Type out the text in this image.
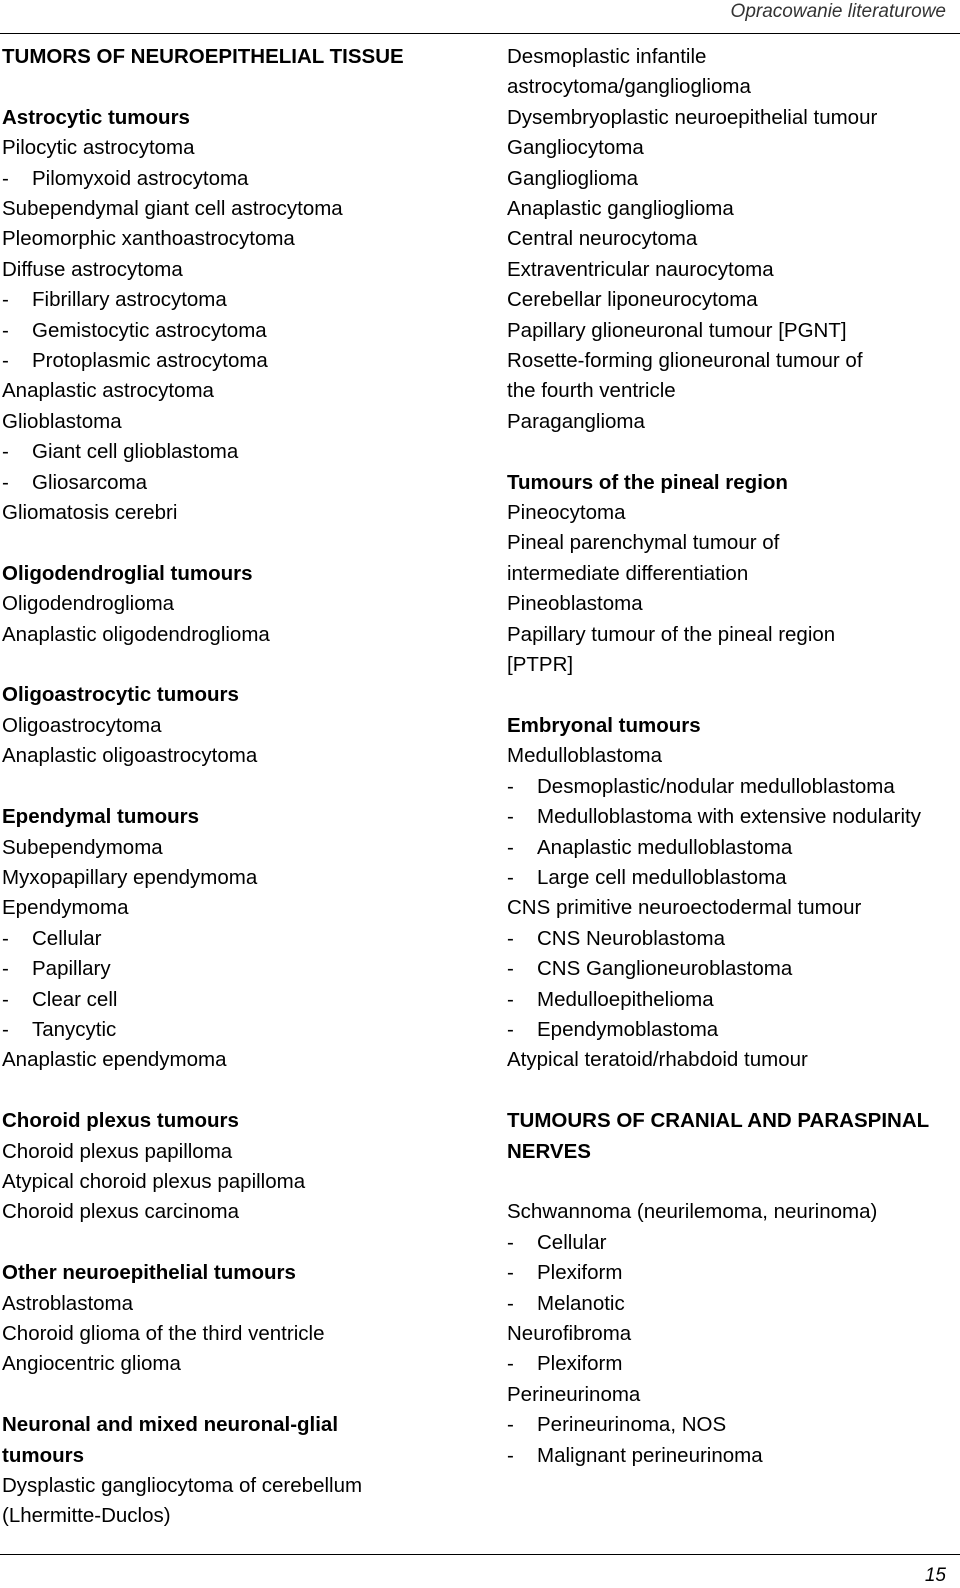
Opracowanie literaturowe
TUMORS OF NEUROEPITHELIAL TISSUE
Astrocytic tumours
Pilocytic astrocytoma
- Pilomyxoid astrocytoma
Subependymal giant cell astrocytoma
Pleomorphic xanthoastrocytoma
Diffuse astrocytoma
- Fibrillary astrocytoma
- Gemistocytic astrocytoma
- Protoplasmic astrocytoma
Anaplastic astrocytoma
Glioblastoma
- Giant cell glioblastoma
- Gliosarcoma
Gliomatosis cerebri
Oligodendroglial tumours
Oligodendroglioma
Anaplastic oligodendroglioma
Oligoastrocytic tumours
Oligoastrocytoma
Anaplastic oligoastrocytoma
Ependymal tumours
Subependymoma
Myxopapillary ependymoma
Ependymoma
- Cellular
- Papillary
- Clear cell
- Tanycytic
Anaplastic ependymoma
Choroid plexus tumours
Choroid plexus papilloma
Atypical choroid plexus papilloma
Choroid plexus carcinoma
Other neuroepithelial tumours
Astroblastoma
Choroid glioma of the third ventricle
Angiocentric glioma
Neuronal and mixed neuronal-glial
tumours
Dysplastic gangliocytoma of cerebellum
(Lhermitte-Duclos)
Desmoplastic infantile
astrocytoma/ganglioglioma
Dysembryoplastic neuroepithelial tumour
Gangliocytoma
Ganglioglioma
Anaplastic ganglioglioma
Central neurocytoma
Extraventricular naurocytoma
Cerebellar liponeurocytoma
Papillary glioneuronal tumour [PGNT]
Rosette-forming glioneuronal tumour of
the fourth ventricle
Paraganglioma
Tumours of the pineal region
Pineocytoma
Pineal parenchymal tumour of
intermediate differentiation
Pineoblastoma
Papillary tumour of the pineal region
[PTPR]
Embryonal tumours
Medulloblastoma
- Desmoplastic/nodular medulloblastoma
- Medulloblastoma with extensive nodularity
- Anaplastic medulloblastoma
- Large cell medulloblastoma
CNS primitive neuroectodermal tumour
- CNS Neuroblastoma
- CNS Ganglioneuroblastoma
- Medulloepithelioma
- Ependymoblastoma
Atypical teratoid/rhabdoid tumour
TUMOURS OF CRANIAL AND PARASPINAL
NERVES
Schwannoma (neurilemoma, neurinoma)
- Cellular
- Plexiform
- Melanotic
Neurofibroma
- Plexiform
Perineurinoma
- Perineurinoma, NOS
- Malignant perineurinoma
15
